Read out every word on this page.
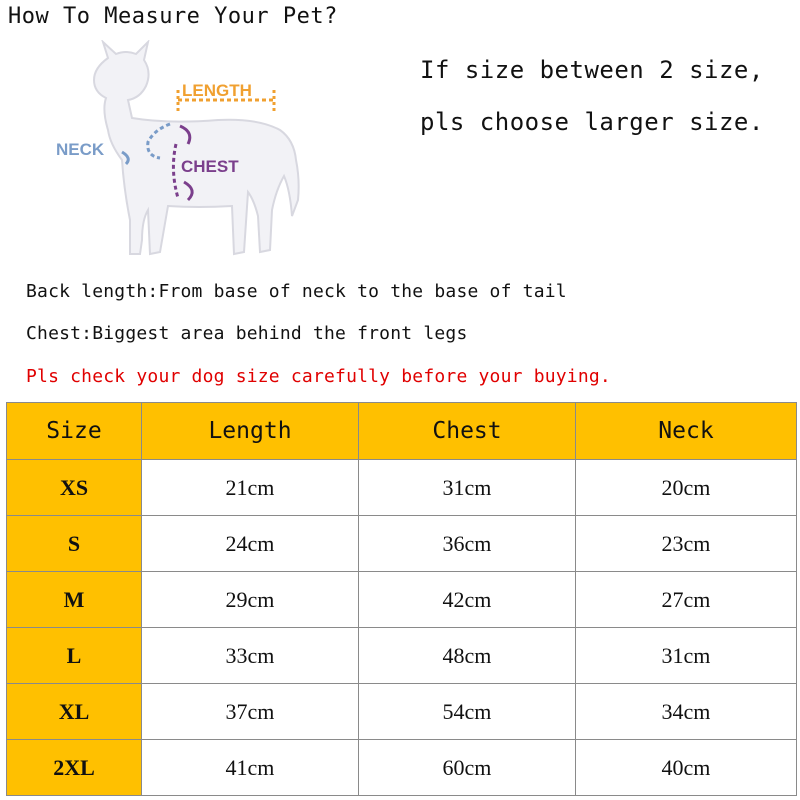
How To Measure Your Pet?
If size between 2 size,
pls choose larger size.
LENGTH
NECK
CHEST
Back length:From base of neck to the base of tail
Chest:Biggest area behind the front legs
Pls check your dog size carefully before your buying.
Size	Length	Chest	Neck
XS	21cm	31cm	20cm
S	24cm	36cm	23cm
M	29cm	42cm	27cm
L	33cm	48cm	31cm
XL	37cm	54cm	34cm
2XL	41cm	60cm	40cm
